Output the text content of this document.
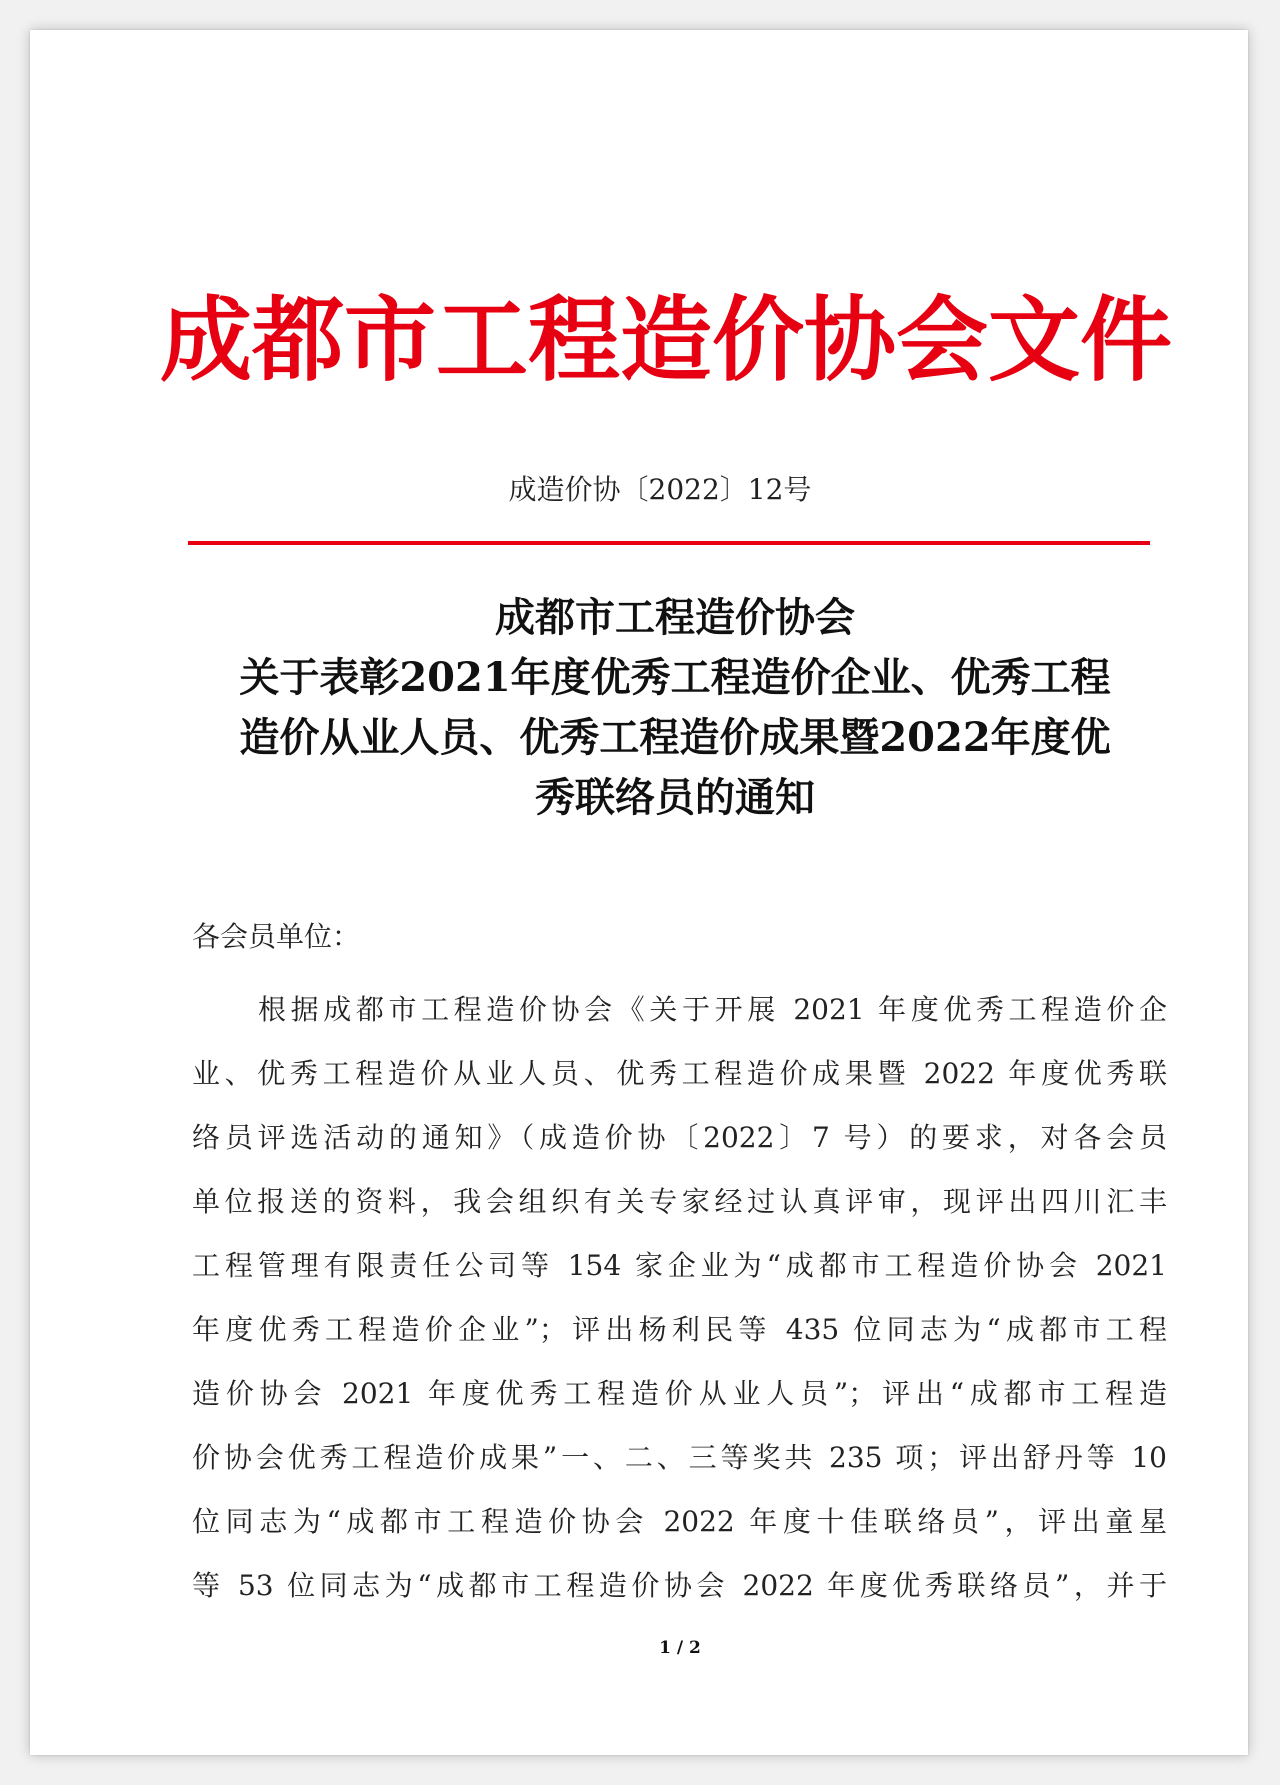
成都市工程造价协会文件
成造价协〔2022〕12号
成都市工程造价协会
关于表彰2021年度优秀工程造价企业、优秀工程
造价从业人员、优秀工程造价成果暨2022年度优
秀联络员的通知
各会员单位：
根据成都市工程造价协会《关于开展 2021 年度优秀工程造价企
业、优秀工程造价从业人员、优秀工程造价成果暨 2022 年度优秀联
络员评选活动的通知》（成造价协〔2022〕7 号）的要求，对各会员
单位报送的资料，我会组织有关专家经过认真评审，现评出四川汇丰
工程管理有限责任公司等 154 家企业为“成都市工程造价协会 2021
年度优秀工程造价企业”；评出杨利民等 435 位同志为“成都市工程
造价协会 2021 年度优秀工程造价从业人员”；评出“成都市工程造
价协会优秀工程造价成果”一、二、三等奖共 235 项；评出舒丹等 10
位同志为“成都市工程造价协会 2022 年度十佳联络员”，评出童星
等 53 位同志为“成都市工程造价协会 2022 年度优秀联络员”，并于
1 / 2
